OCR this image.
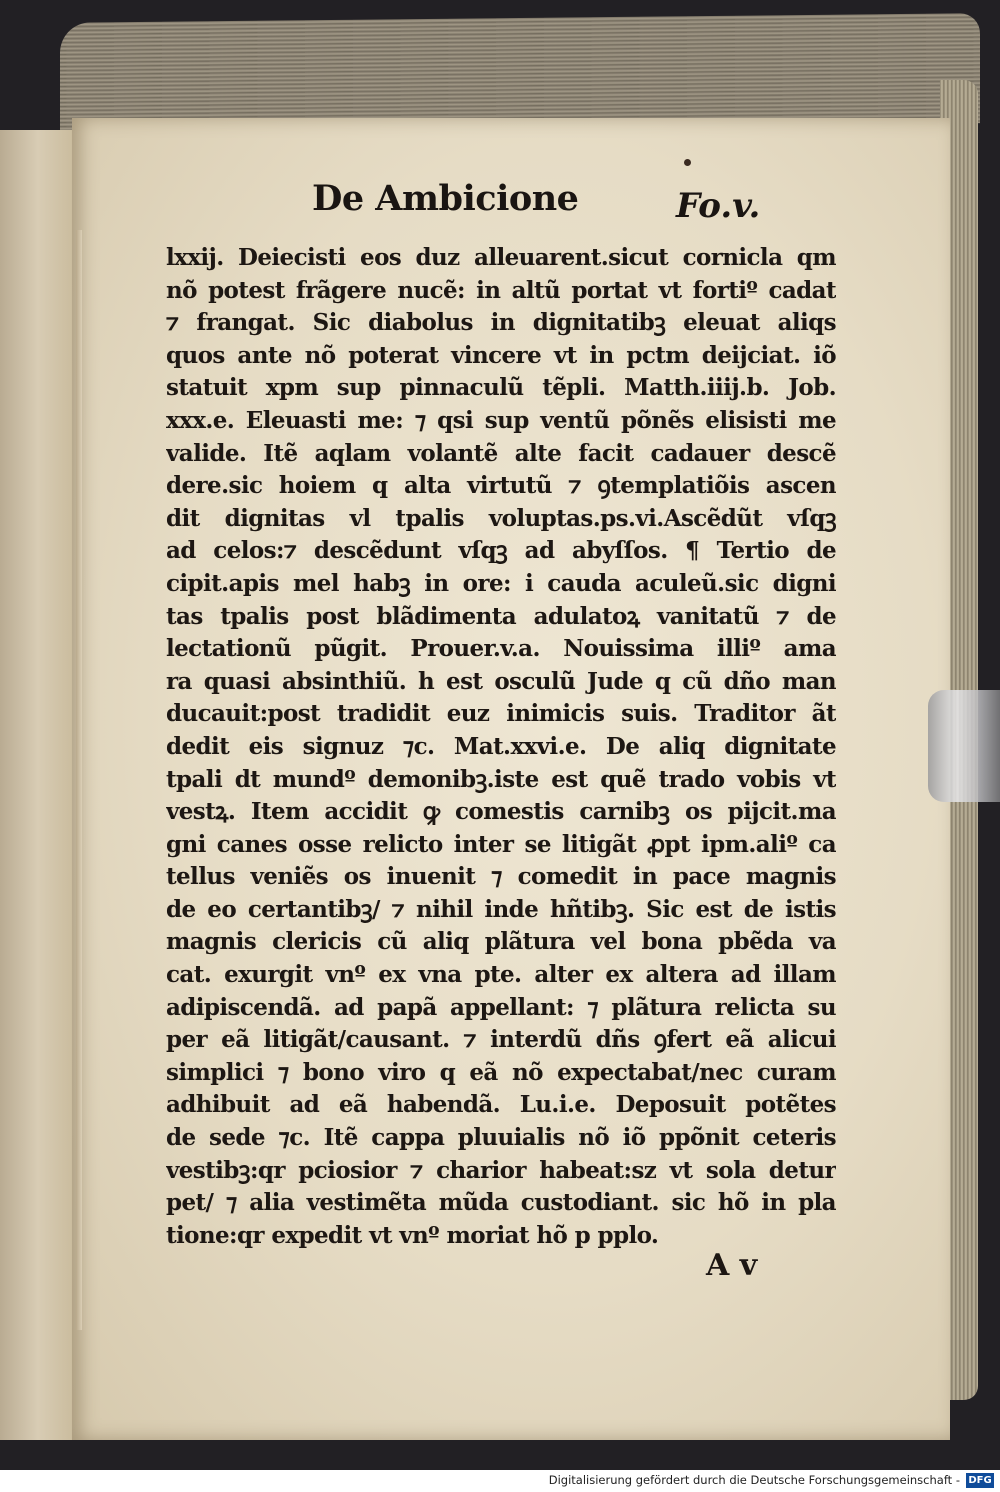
De Ambicione	Fo.v.
lxxij. Deiecisti eos duz alleuarent.sicut cornicla qm
nõ potest frãgere nucẽ: in altũ portat vt fortiº cadat
⁊ frangat. Sic diabolus in dignitatibꝫ eleuat aliqs
quos ante nõ poterat vincere vt in pctm deijciat. iõ
statuit xpm sup pinnaculũ tẽpli. Matth.iiij.b. Job.
xxx.e. Eleuasti me: ⁊ qsi sup ventũ põnẽs elisisti me
valide. Itẽ aqlam volantẽ alte facit cadauer descẽ
dere.sic hoiem q alta virtutũ ⁊ ꝯtemplatiõis ascen
dit dignitas vl tpalis voluptas.ps.vi.Ascẽdũt vſqꝫ
ad celos:⁊ descẽdunt vſqꝫ ad abyſſos. ¶ Tertio de
cipit.apis mel habꝫ in ore: i cauda aculeũ.sic digni
tas tpalis post blãdimenta adulatoꝝ vanitatũ ⁊ de
lectationũ pũgit. Prouer.v.a. Nouissima illiº ama
ra quasi absinthiũ. h est osculũ Jude q cũ dño man
ducauit:post tradidit euz inimicis suis. Traditor ãt
dedit eis signuz ⁊c. Mat.xxvi.e. De aliq dignitate
tpali dt mundº demonibꝫ.iste est quẽ trado vobis vt
vestꝝ. Item accidit ꝙ comestis carnibꝫ os pijcit.ma
gni canes osse relicto inter se litigãt ꝓpt ipm.aliº ca
tellus veniẽs os inuenit ⁊ comedit in pace magnis
de eo certantibꝫ/ ⁊ nihil inde hñtibꝫ. Sic est de istis
magnis clericis cũ aliq plãtura vel bona pbẽda va
cat. exurgit vnº ex vna pte. alter ex altera ad illam
adipiscendã. ad papã appellant: ⁊ plãtura relicta su
per eã litigãt/causant. ⁊ interdũ dñs ꝯfert eã alicui
simplici ⁊ bono viro q eã nõ expectabat/nec curam
adhibuit ad eã habendã. Lu.i.e. Deposuit potẽtes
de sede ⁊c. Itẽ cappa pluuialis nõ iõ ppõnit ceteris
vestibꝫ:qr pciosior ⁊ charior habeat:sz vt sola detur
pet/ ⁊ alia vestimẽta mũda custodiant. sic hõ in pla
tione:qr expedit vt vnº moriat hõ p pplo.
A v
Digitalisierung gefördert durch die Deutsche Forschungsgemeinschaft - DFG
